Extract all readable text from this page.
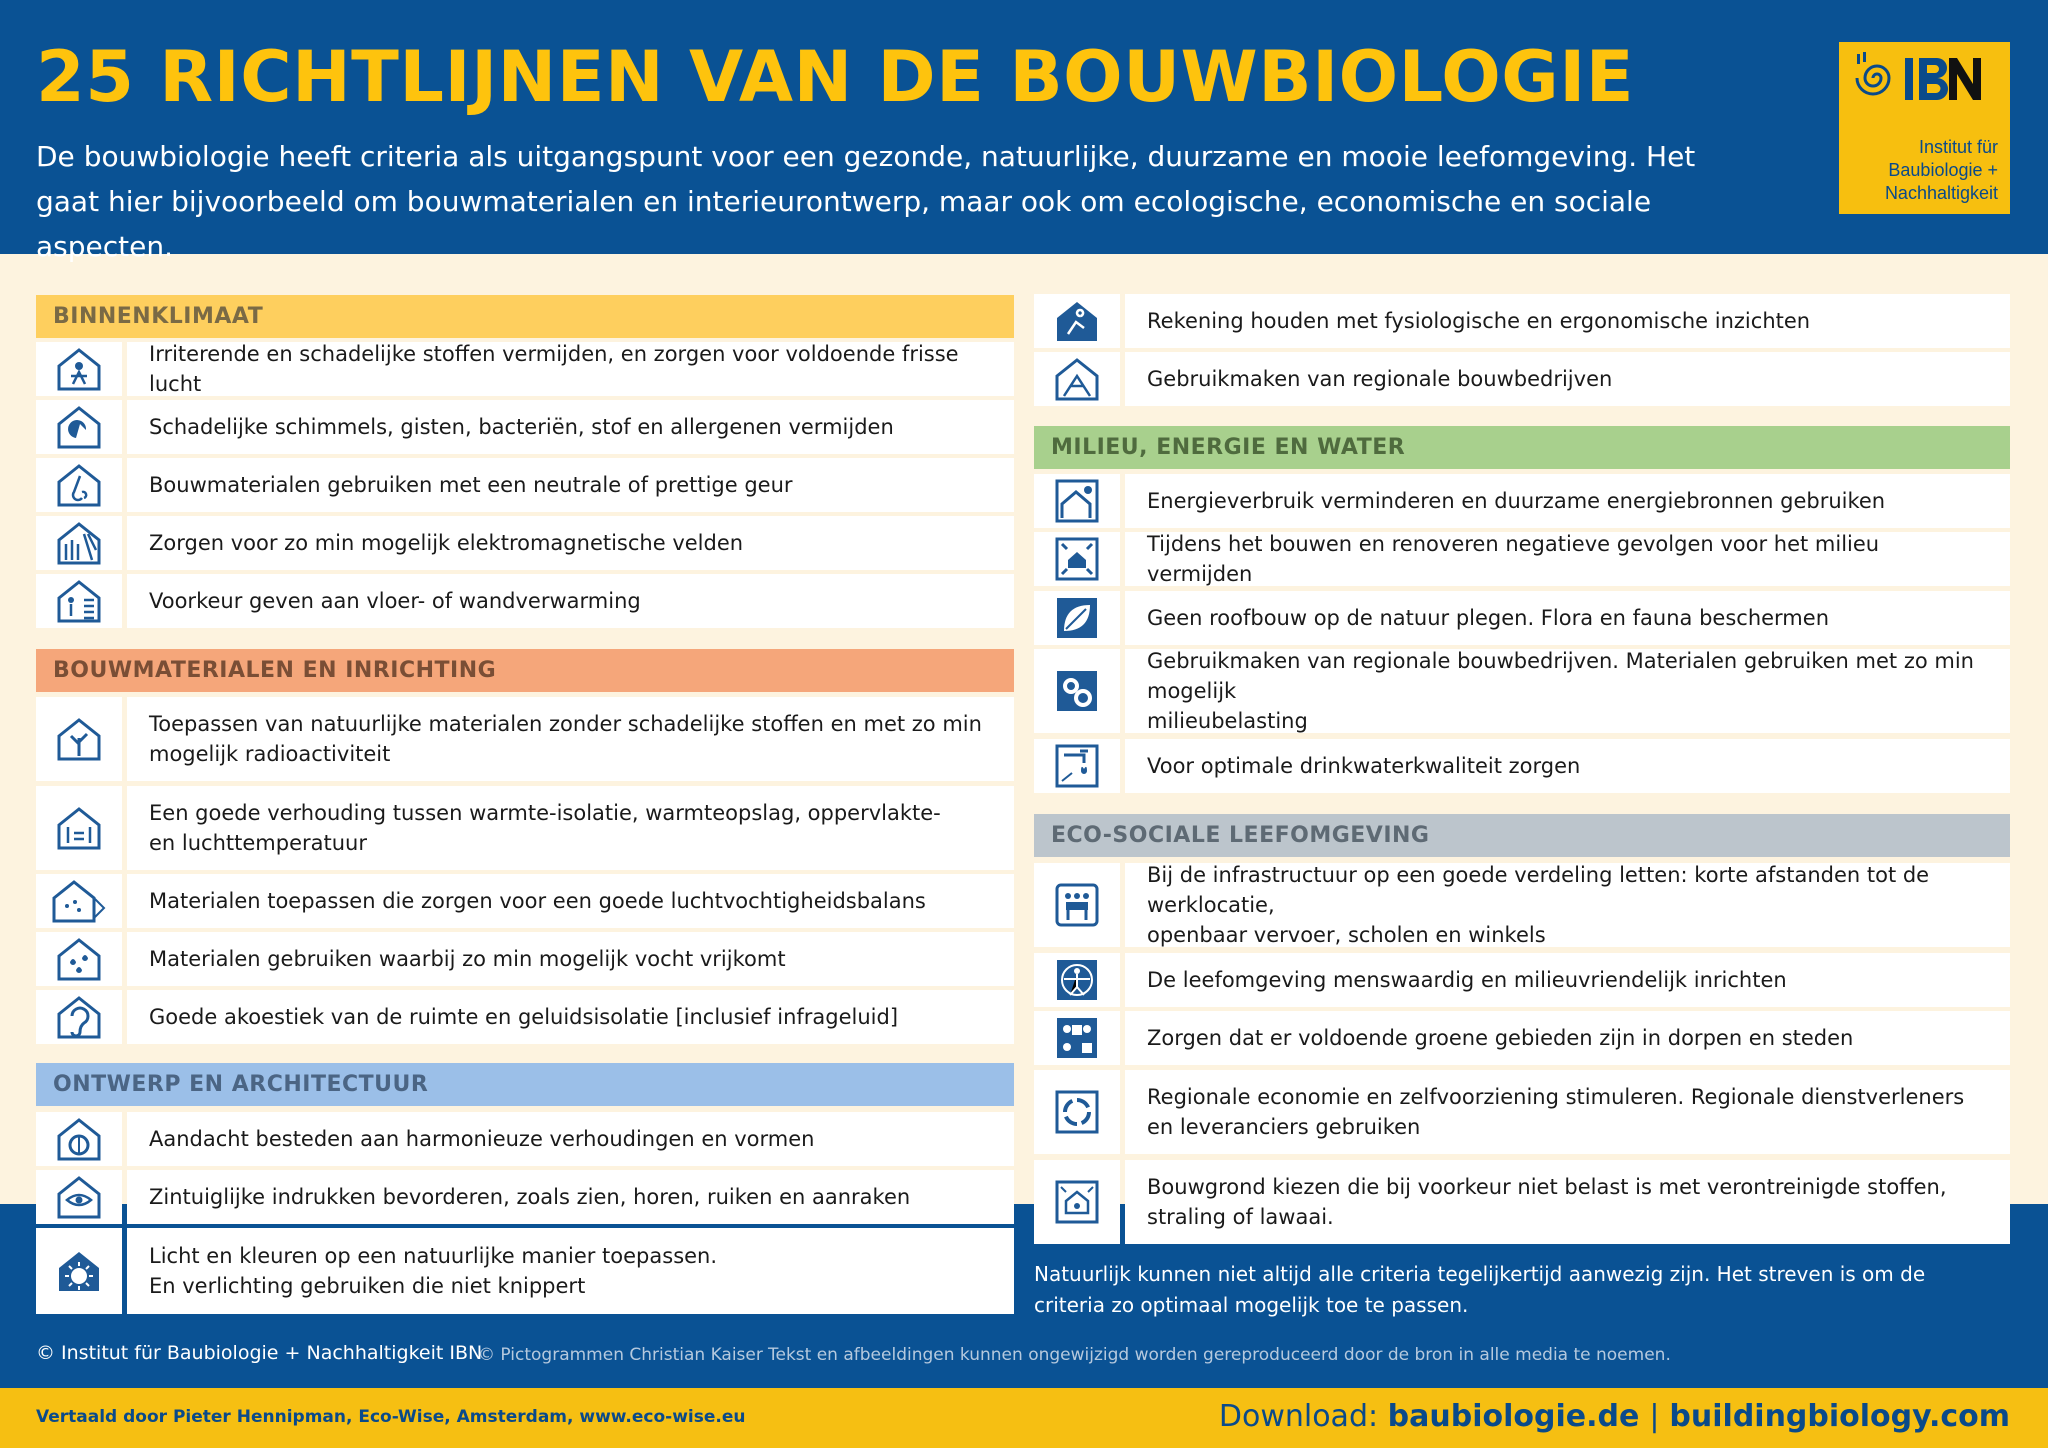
25 RICHTLIJNEN VAN DE BOUWBIOLOGIE
De bouwbiologie heeft criteria als uitgangspunt voor een gezonde, natuurlijke, duurzame en mooie leefomgeving. Het gaat hier bijvoorbeeld om bouwmaterialen en interieurontwerp, maar ook om ecologische, economische en sociale aspecten.
Institut für
Baubiologie +
Nachhaltigkeit
BINNENKLIMAAT
Irriterende en schadelijke stoffen vermijden, en zorgen voor voldoende frisse lucht
Schadelijke schimmels, gisten, bacteriën, stof en allergenen vermijden
Bouwmaterialen gebruiken met een neutrale of prettige geur
Zorgen voor zo min mogelijk elektromagnetische velden
Voorkeur geven aan vloer- of wandverwarming
BOUWMATERIALEN EN INRICHTING
Toepassen van natuurlijke materialen zonder schadelijke stoffen en met zo min
mogelijk radioactiviteit
Een goede verhouding tussen warmte-isolatie, warmteopslag, oppervlakte-
en luchttemperatuur
Materialen toepassen die zorgen voor een goede luchtvochtigheidsbalans
Materialen gebruiken waarbij zo min mogelijk vocht vrijkomt
Goede akoestiek van de ruimte en geluidsisolatie [inclusief infrageluid]
ONTWERP EN ARCHITECTUUR
Aandacht besteden aan harmonieuze verhoudingen en vormen
Zintuiglijke indrukken bevorderen, zoals zien, horen, ruiken en aanraken
Licht en kleuren op een natuurlijke manier toepassen.
En verlichting gebruiken die niet knippert
Rekening houden met fysiologische en ergonomische inzichten
Gebruikmaken van regionale bouwbedrijven
MILIEU, ENERGIE EN WATER
Energieverbruik verminderen en duurzame energiebronnen gebruiken
Tijdens het bouwen en renoveren negatieve gevolgen voor het milieu vermijden
Geen roofbouw op de natuur plegen. Flora en fauna beschermen
Gebruikmaken van regionale bouwbedrijven. Materialen gebruiken met zo min mogelijk
milieubelasting
Voor optimale drinkwaterkwaliteit zorgen
ECO-SOCIALE LEEFOMGEVING
Bij de infrastructuur op een goede verdeling letten: korte afstanden tot de werklocatie,
openbaar vervoer, scholen en winkels
De leefomgeving menswaardig en milieuvriendelijk inrichten
Zorgen dat er voldoende groene gebieden zijn in dorpen en steden
Regionale economie en zelfvoorziening stimuleren. Regionale dienstverleners
en leveranciers gebruiken
Bouwgrond kiezen die bij voorkeur niet belast is met verontreinigde stoffen,
straling of lawaai.
Natuurlijk kunnen niet altijd alle criteria tegelijkertijd aanwezig zijn. Het streven is om de
criteria zo optimaal mogelijk toe te passen.
© Institut für Baubiologie + Nachhaltigkeit IBN
© Pictogrammen Christian Kaiser Tekst en afbeeldingen kunnen ongewijzigd worden gereproduceerd door de bron in alle media te noemen.
Vertaald door Pieter Hennipman, Eco-Wise, Amsterdam, www.eco-wise.eu	Download: baubiologie.de | buildingbiology.com
